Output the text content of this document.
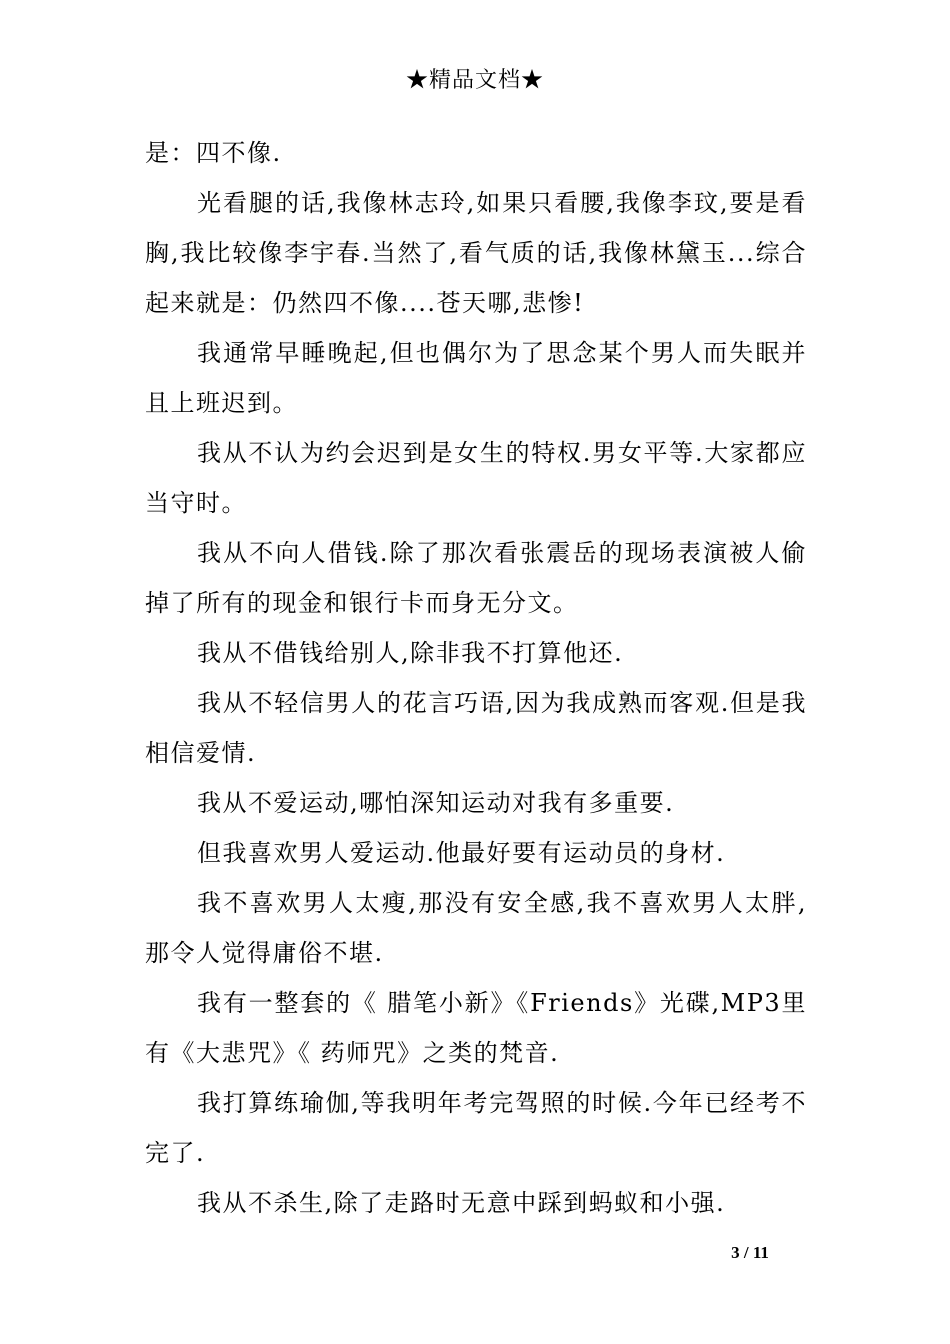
★精品文档★

是：四不像.

光看腿的话,我像林志玲,如果只看腰,我像李玟,要是看胸,我比较像李宇春.当然了,看气质的话,我像林黛玉...综合起来就是：仍然四不像....苍天哪,悲惨!

我通常早睡晚起,但也偶尔为了思念某个男人而失眠并且上班迟到。

我从不认为约会迟到是女生的特权.男女平等.大家都应当守时。

我从不向人借钱.除了那次看张震岳的现场表演被人偷掉了所有的现金和银行卡而身无分文。

我从不借钱给别人,除非我不打算他还.

我从不轻信男人的花言巧语,因为我成熟而客观.但是我相信爱情.

我从不爱运动,哪怕深知运动对我有多重要.

但我喜欢男人爱运动.他最好要有运动员的身材.

我不喜欢男人太瘦,那没有安全感,我不喜欢男人太胖,那令人觉得庸俗不堪.

我有一整套的《 腊笔小新》《Friends》光碟,MP3里有《大悲咒》《 药师咒》之类的梵音.

我打算练瑜伽,等我明年考完驾照的时候.今年已经考不完了.

我从不杀生,除了走路时无意中踩到蚂蚁和小强.

3 / 11
